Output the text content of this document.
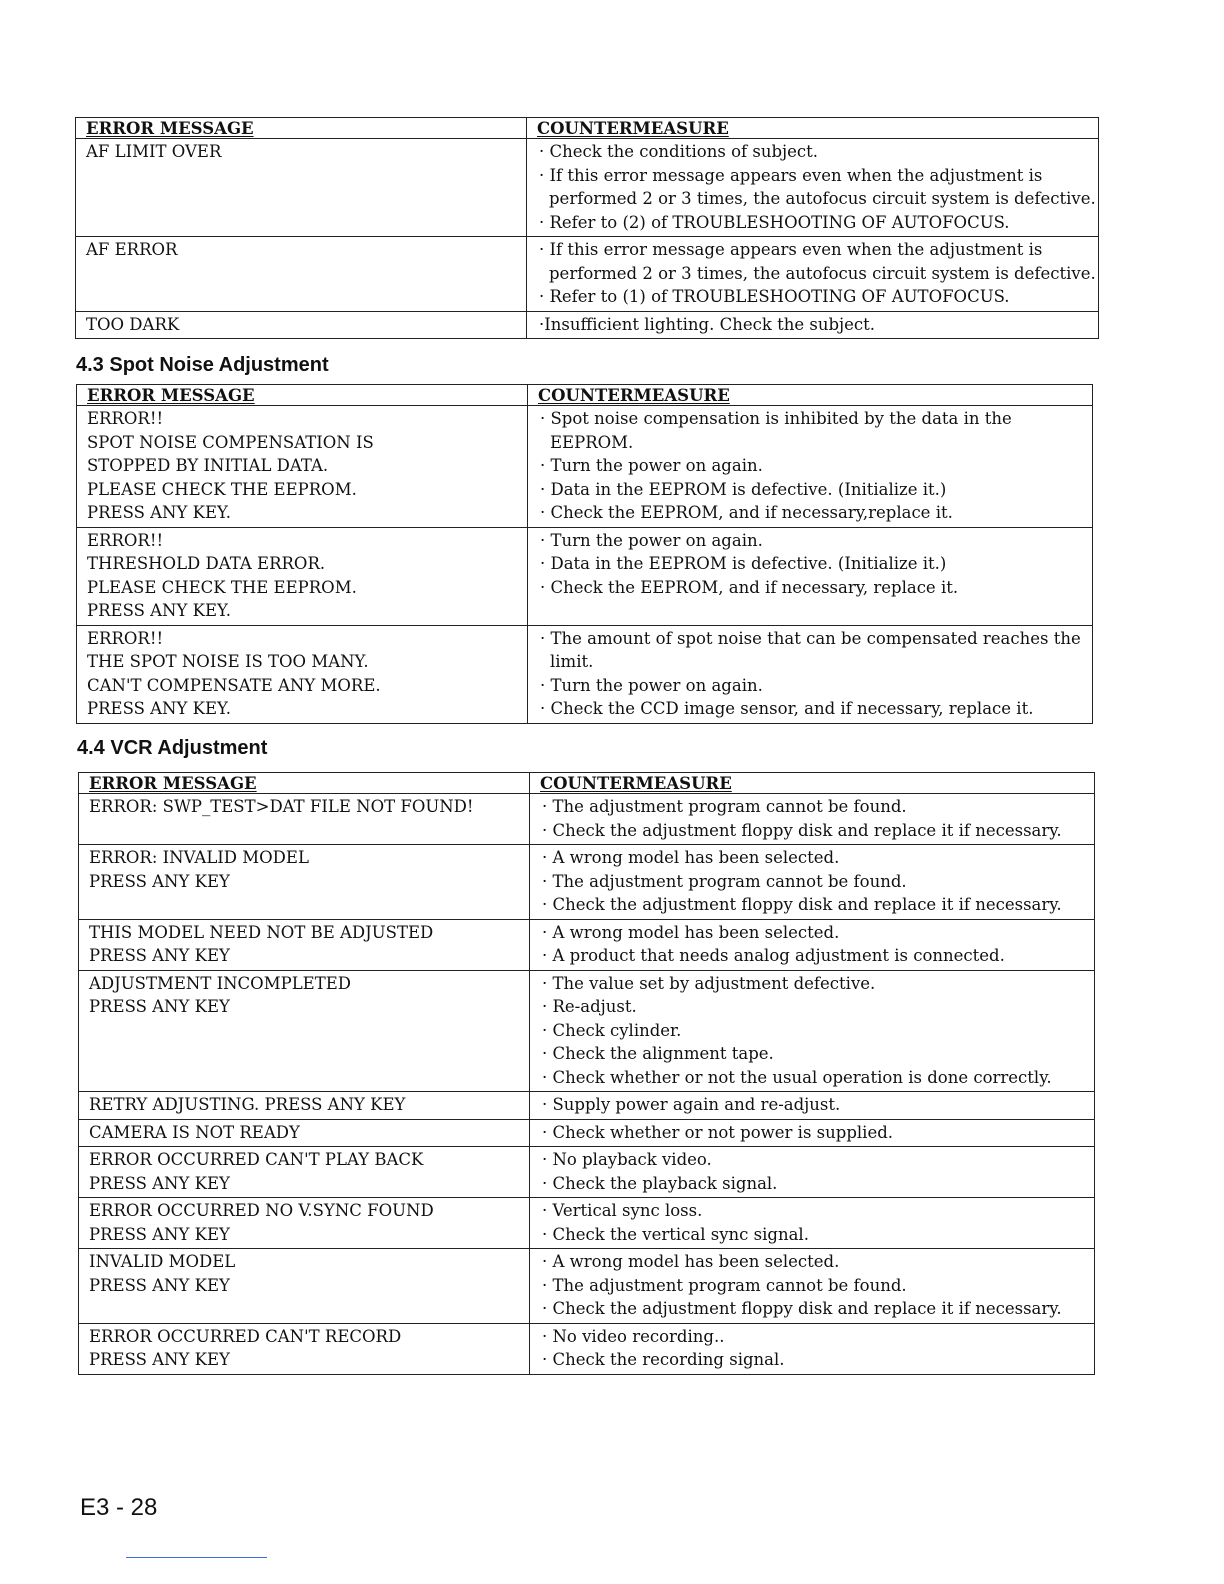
ERROR MESSAGE	COUNTERMEASURE

AF LIMIT OVER	· Check the conditions of subject.
· If this error message appears even when the adjustment is
performed 2 or 3 times, the autofocus circuit system is defective.
· Refer to (2) of TROUBLESHOOTING OF AUTOFOCUS.

AF ERROR	· If this error message appears even when the adjustment is
performed 2 or 3 times, the autofocus circuit system is defective.
· Refer to (1) of TROUBLESHOOTING OF AUTOFOCUS.

TOO DARK	·Insufficient lighting. Check the subject.
4.3 Spot Noise Adjustment
ERROR MESSAGE	COUNTERMEASURE

ERROR!!
SPOT NOISE COMPENSATION IS
STOPPED BY INITIAL DATA.
PLEASE CHECK THE EEPROM.
PRESS ANY KEY.	· Spot noise compensation is inhibited by the data in the
EEPROM.
· Turn the power on again.
· Data in the EEPROM is defective. (Initialize it.)
· Check the EEPROM, and if necessary,replace it.

ERROR!!
THRESHOLD DATA ERROR.
PLEASE CHECK THE EEPROM.
PRESS ANY KEY.	· Turn the power on again.
· Data in the EEPROM is defective. (Initialize it.)
· Check the EEPROM, and if necessary, replace it.

ERROR!!
THE SPOT NOISE IS TOO MANY.
CAN'T COMPENSATE ANY MORE.
PRESS ANY KEY.	· The amount of spot noise that can be compensated reaches the
limit.
· Turn the power on again.
· Check the CCD image sensor, and if necessary, replace it.
4.4 VCR Adjustment
ERROR MESSAGE	COUNTERMEASURE

ERROR: SWP_TEST>DAT FILE NOT FOUND!	· The adjustment program cannot be found.
· Check the adjustment floppy disk and replace it if necessary.

ERROR: INVALID MODEL
PRESS ANY KEY	· A wrong model has been selected.
· The adjustment program cannot be found.
· Check the adjustment floppy disk and replace it if necessary.

THIS MODEL NEED NOT BE ADJUSTED
PRESS ANY KEY	· A wrong model has been selected.
· A product that needs analog adjustment is connected.

ADJUSTMENT INCOMPLETED
PRESS ANY KEY	· The value set by adjustment defective.
· Re-adjust.
· Check cylinder.
· Check the alignment tape.
· Check whether or not the usual operation is done correctly.

RETRY ADJUSTING. PRESS ANY KEY	· Supply power again and re-adjust.

CAMERA IS NOT READY	· Check whether or not power is supplied.

ERROR OCCURRED CAN'T PLAY BACK
PRESS ANY KEY	· No playback video.
· Check the playback signal.

ERROR OCCURRED NO V.SYNC FOUND
PRESS ANY KEY	· Vertical sync loss.
· Check the vertical sync signal.

INVALID MODEL
PRESS ANY KEY	· A wrong model has been selected.
· The adjustment program cannot be found.
· Check the adjustment floppy disk and replace it if necessary.

ERROR OCCURRED CAN'T RECORD
PRESS ANY KEY	· No video recording..
· Check the recording signal.
E3 - 28
